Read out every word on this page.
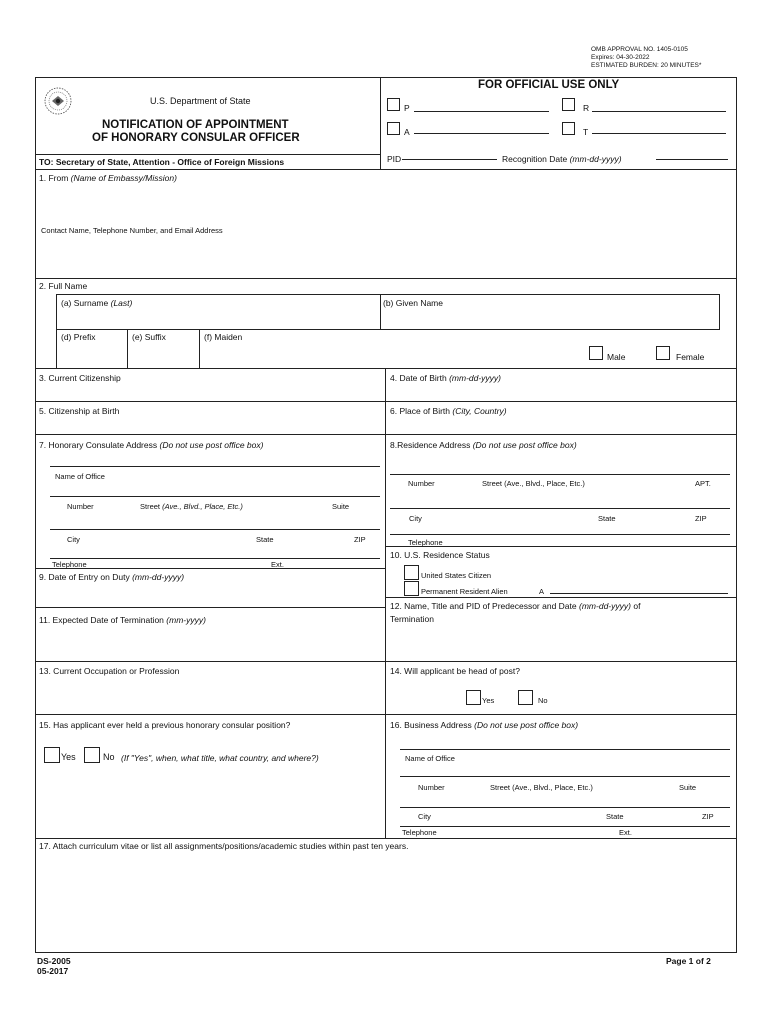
OMB APPROVAL NO. 1405-0105
Expires: 04-30-2022
ESTIMATED BURDEN: 20 MINUTES*
U.S. Department of State
NOTIFICATION OF APPOINTMENT
OF HONORARY CONSULAR OFFICER
TO: Secretary of State, Attention - Office of Foreign Missions
FOR OFFICIAL USE ONLY
P	R
A	T
PID	Recognition Date (mm-dd-yyyy)
1. From (Name of Embassy/Mission)
Contact Name, Telephone Number, and Email Address
2. Full Name
(a) Surname (Last)	(b) Given Name
(d) Prefix	(e) Suffix	(f) Maiden
Male	Female
3. Current Citizenship	4. Date of Birth (mm-dd-yyyy)
5. Citizenship at Birth	6. Place of Birth (City, Country)
7. Honorary Consulate Address (Do not use post office box)
Name of Office
Number	Street (Ave., Blvd., Place, Etc.)	Suite
City	State	ZIP
Telephone	Ext.
8.Residence Address (Do not use post office box)
Number	Street (Ave., Blvd., Place, Etc.)	APT.
City	State	ZIP
Telephone
10. U.S. Residence Status
United States Citizen
Permanent Resident Alien	A
9. Date of Entry on Duty (mm-dd-yyyy)
12. Name, Title and PID of Predecessor and Date (mm-dd-yyyy) of
Termination
11. Expected Date of Termination (mm-yyyy)
13. Current Occupation or Profession	14. Will applicant be head of post?
Yes	No
15. Has applicant ever held a previous honorary consular position?
Yes	No (If "Yes", when, what title, what country, and where?)
16. Business Address (Do not use post office box)
Name of Office
Number	Street (Ave., Blvd., Place, Etc.)	Suite
City	State	ZIP
Telephone	Ext.
17. Attach curriculum vitae or list all assignments/positions/academic studies within past ten years.
DS-2005
05-2017
Page 1 of 2
